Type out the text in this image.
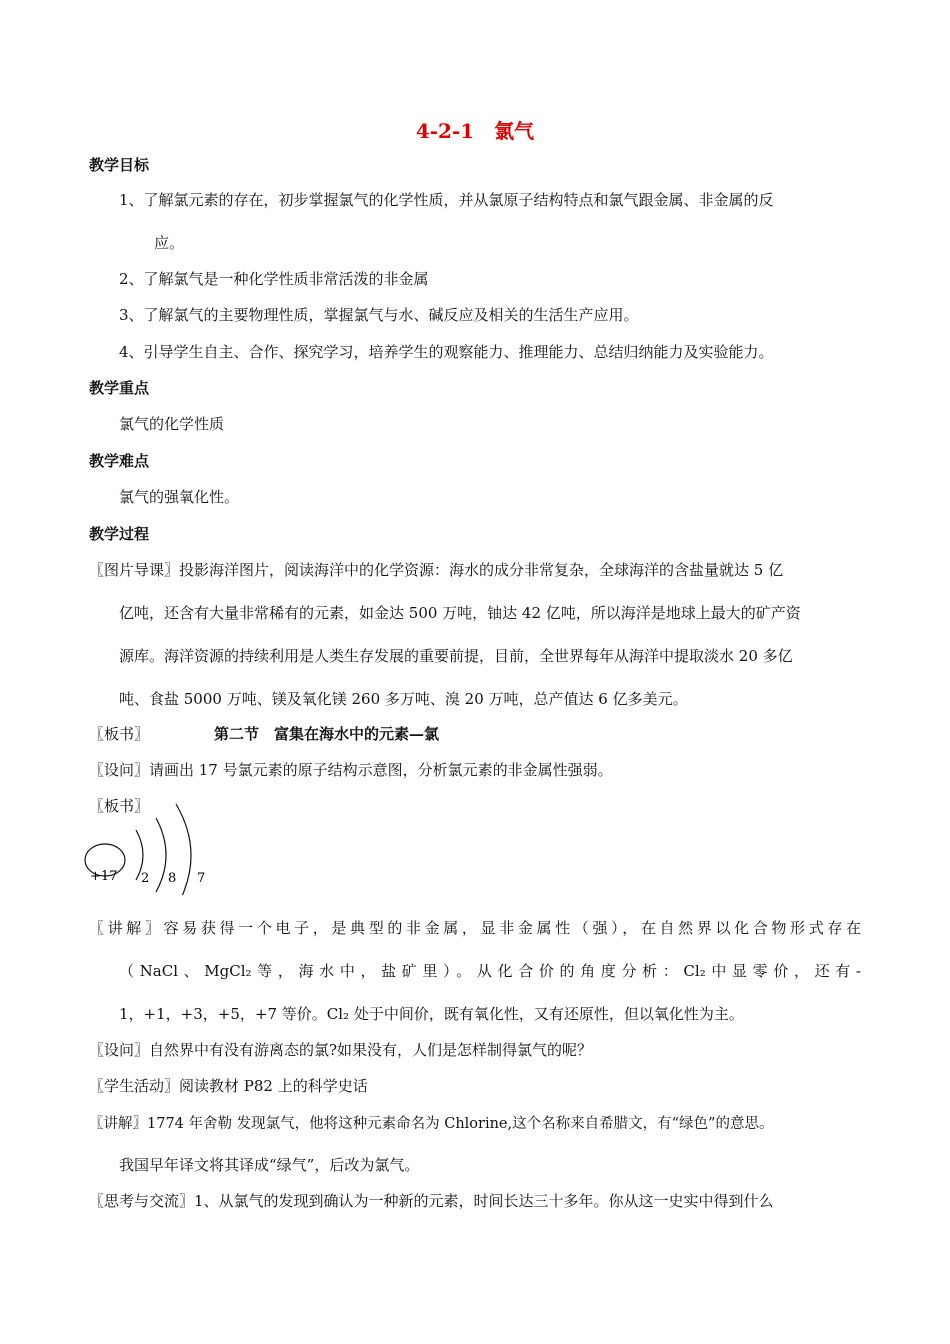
4-2-1　氯气
教学目标
1、了解氯元素的存在，初步掌握氯气的化学性质，并从氯原子结构特点和氯气跟金属、非金属的反
应。
2、了解氯气是一种化学性质非常活泼的非金属
3、了解氯气的主要物理性质，掌握氯气与水、碱反应及相关的生活生产应用。
4、引导学生自主、合作、探究学习，培养学生的观察能力、推理能力、总结归纳能力及实验能力。
教学重点
氯气的化学性质
教学难点
氯气的强氧化性。
教学过程
〖图片导课〗投影海洋图片，阅读海洋中的化学资源：海水的成分非常复杂，全球海洋的含盐量就达 5 亿
亿吨，还含有大量非常稀有的元素，如金达 500 万吨，铀达 42 亿吨，所以海洋是地球上最大的矿产资
源库。海洋资源的持续利用是人类生存发展的重要前提，目前，全世界每年从海洋中提取淡水 20 多亿
吨、食盐 5000 万吨、镁及氧化镁 260 多万吨、溴 20 万吨，总产值达 6 亿多美元。
〖板书〗	第二节　富集在海水中的元素—氯
〖设问〗请画出 17 号氯元素的原子结构示意图，分析氯元素的非金属性强弱。
〖板书〗
+17 2 8 7
〖讲解〗容易获得一个电子，是典型的非金属，显非金属性（强），在自然界以化合物形式存在
（NaCl、MgCl₂等，海水中，盐矿里）。从化合价的角度分析：Cl₂中显零价，还有-
1，+1，+3，+5，+7 等价。Cl₂ 处于中间价，既有氧化性，又有还原性，但以氧化性为主。
〖设问〗自然界中有没有游离态的氯?如果没有，人们是怎样制得氯气的呢？
〖学生活动〗阅读教材 P82 上的科学史话
〖讲解〗1774 年舍勒 发现氯气，他将这种元素命名为 Chlorine,这个名称来自希腊文，有“绿色”的意思。
我国早年译文将其译成“绿气”，后改为氯气。
〖思考与交流〗1、从氯气的发现到确认为一种新的元素，时间长达三十多年。你从这一史实中得到什么
